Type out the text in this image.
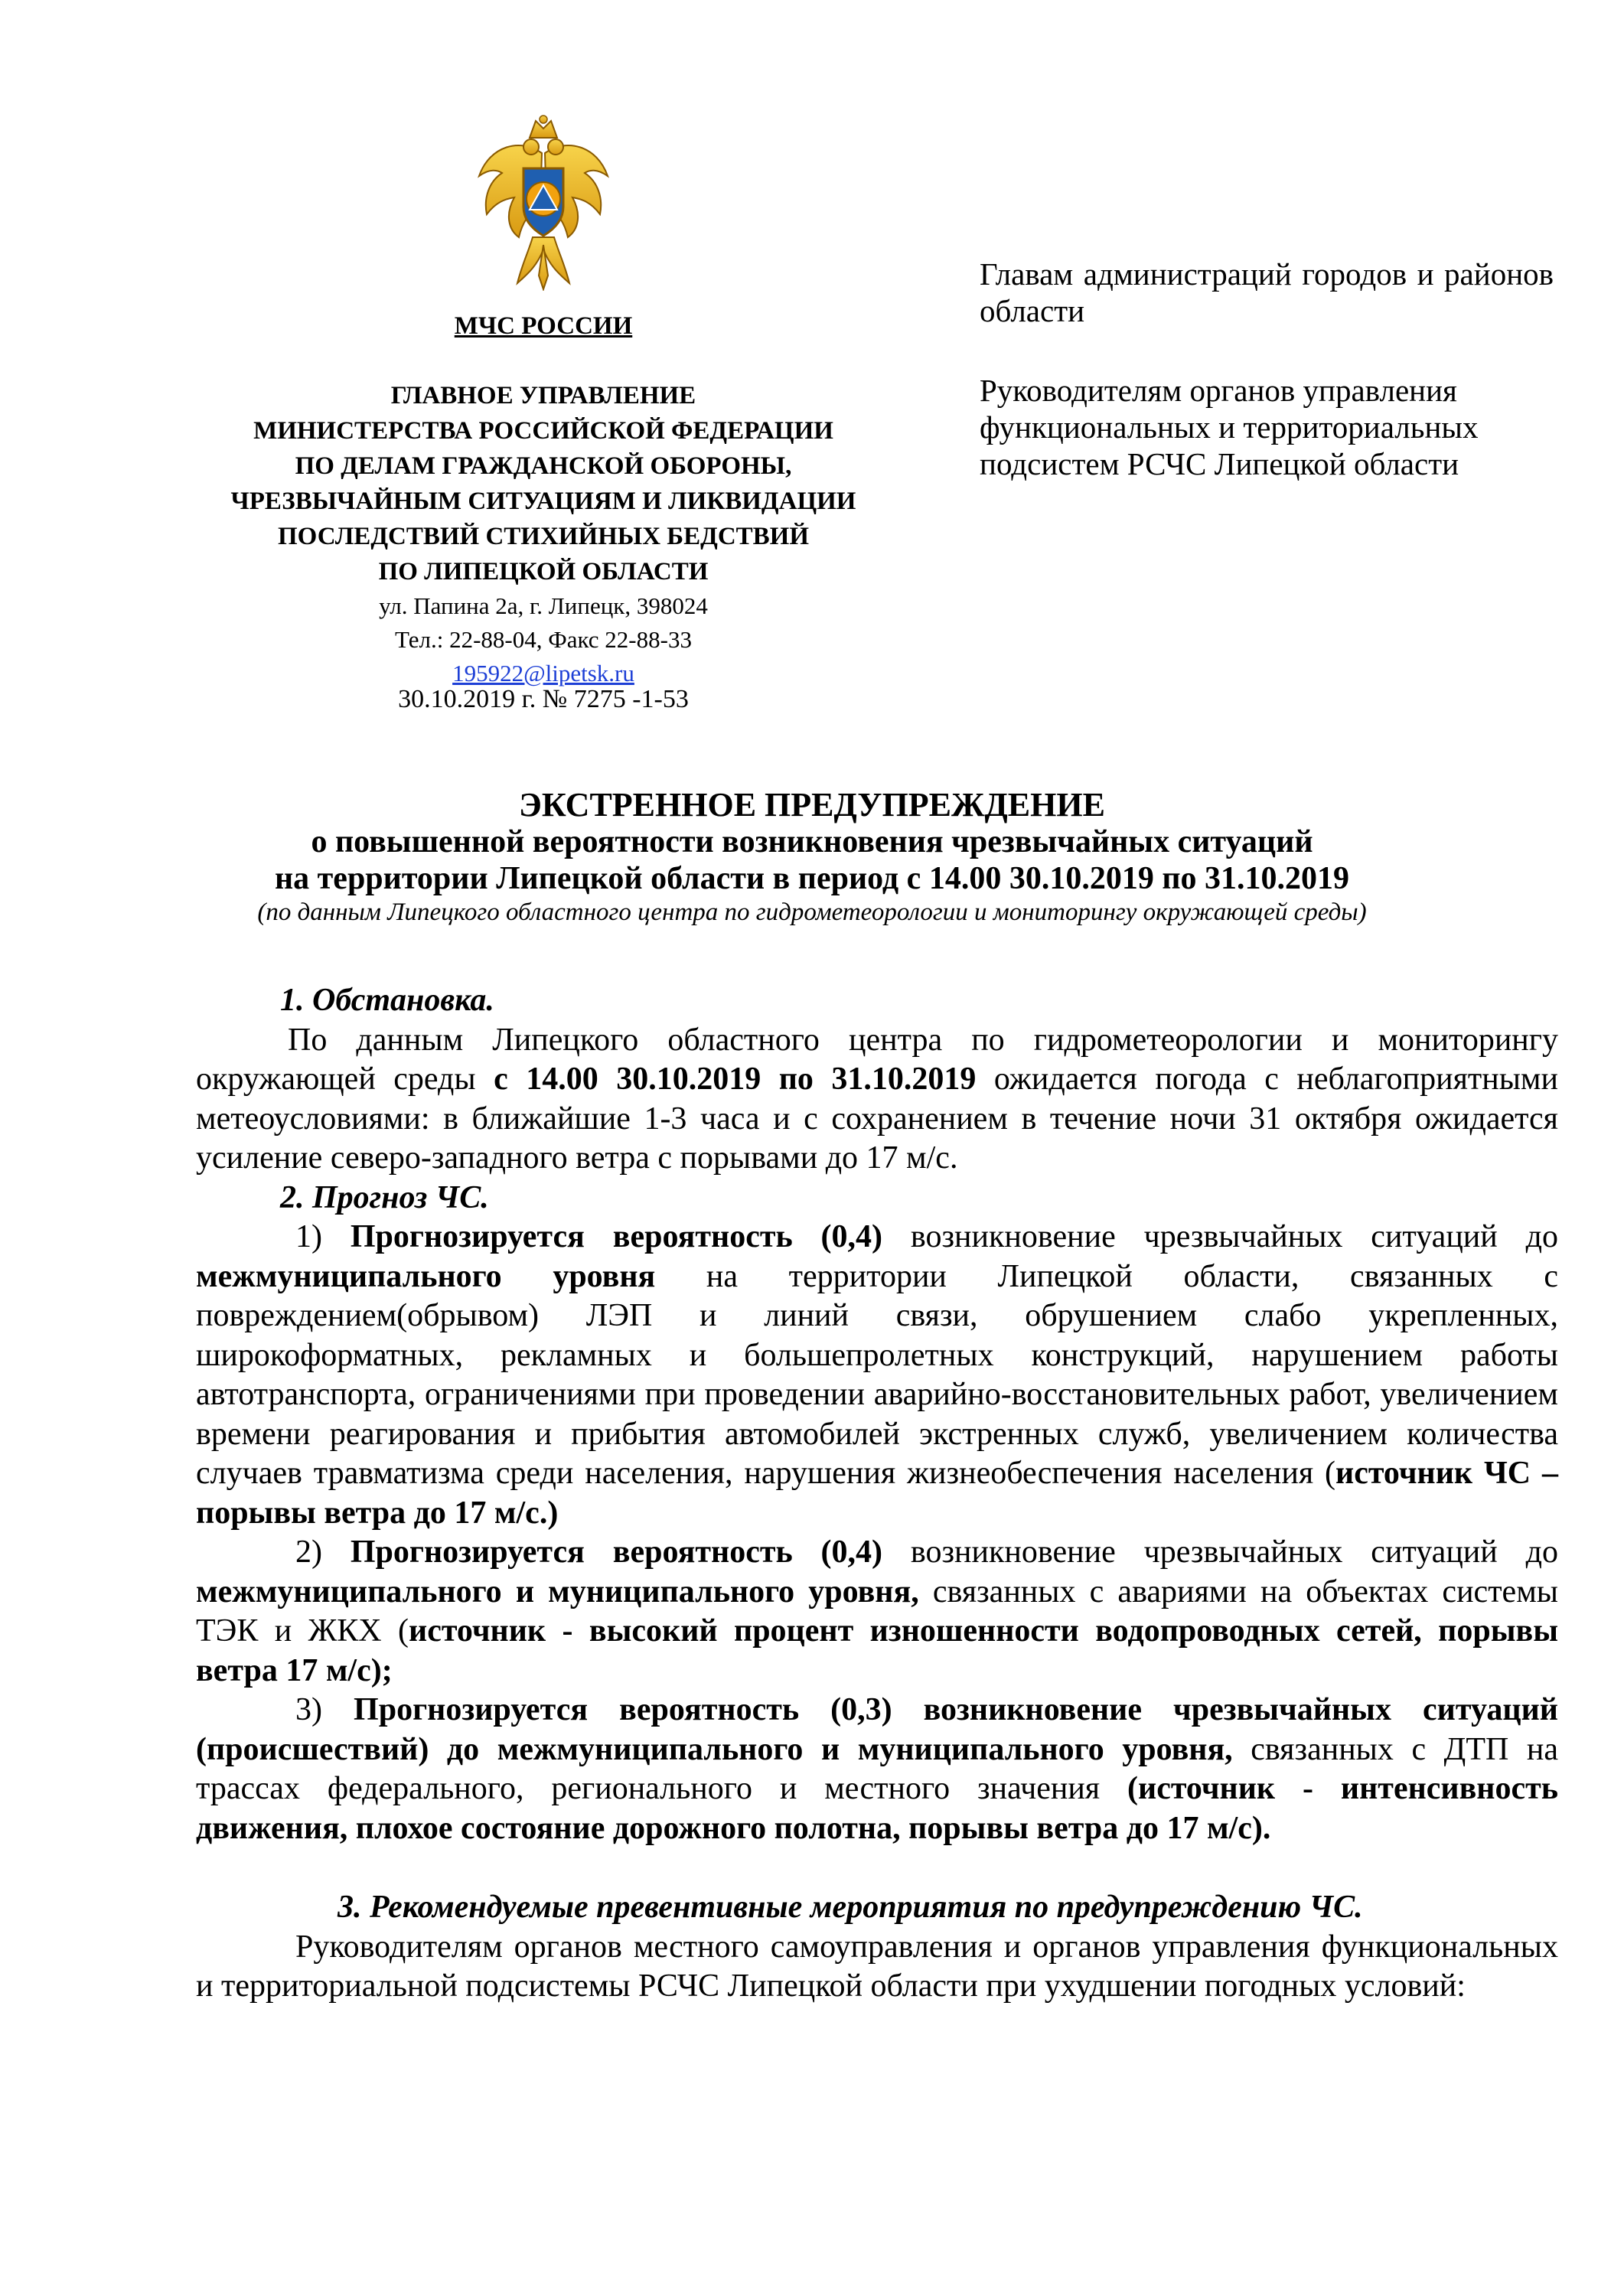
МЧС РОССИИ
ГЛАВНОЕ УПРАВЛЕНИЕ
МИНИСТЕРСТВА РОССИЙСКОЙ ФЕДЕРАЦИИ
ПО ДЕЛАМ ГРАЖДАНСКОЙ ОБОРОНЫ,
ЧРЕЗВЫЧАЙНЫМ СИТУАЦИЯМ И ЛИКВИДАЦИИ
ПОСЛЕДСТВИЙ СТИХИЙНЫХ БЕДСТВИЙ
ПО ЛИПЕЦКОЙ ОБЛАСТИ
ул. Папина 2а, г. Липецк, 398024
Тел.: 22-88-04, Факс 22-88-33
195922@lipetsk.ru
30.10.2019 г. № 7275 -1-53
Главам администраций городов и районов области
Руководителям органов управления функциональных и территориальных подсистем РСЧС Липецкой области
ЭКСТРЕННОЕ ПРЕДУПРЕЖДЕНИЕ
о повышенной вероятности возникновения чрезвычайных ситуаций
на территории Липецкой области в период с 14.00 30.10.2019 по 31.10.2019
(по данным Липецкого областного центра по гидрометеорологии и мониторингу окружающей среды)

1. Обстановка.

По данным Липецкого областного центра по гидрометеорологии и мониторингу окружающей среды с 14.00 30.10.2019 по 31.10.2019 ожидается погода с неблагоприятными метеоусловиями: в ближайшие 1-3 часа и с сохранением в течение ночи 31 октября ожидается усиление северо-западного ветра с порывами до 17 м/с.

2. Прогноз ЧС.

1) Прогнозируется вероятность (0,4) возникновение чрезвычайных ситуаций до межмуниципального уровня на территории Липецкой области, связанных с повреждением(обрывом) ЛЭП и линий связи, обрушением слабо укрепленных, широкоформатных, рекламных и большепролетных конструкций, нарушением работы автотранспорта, ограничениями при проведении аварийно-восстановительных работ, увеличением времени реагирования и прибытия автомобилей экстренных служб, увеличением количества случаев травматизма среди населения, нарушения жизнеобеспечения населения (источник ЧС – порывы ветра до 17 м/с.)

2) Прогнозируется вероятность (0,4) возникновение чрезвычайных ситуаций до межмуниципального и муниципального уровня, связанных с авариями на объектах системы ТЭК и ЖКХ (источник - высокий процент изношенности водопроводных сетей, порывы ветра 17 м/с);

3) Прогнозируется вероятность (0,3) возникновение чрезвычайных ситуаций (происшествий) до межмуниципального и муниципального уровня, связанных с ДТП на трассах федерального, регионального и местного значения (источник - интенсивность движения, плохое состояние дорожного полотна, порывы ветра до 17 м/с).

3. Рекомендуемые превентивные мероприятия по предупреждению ЧС.

Руководителям органов местного самоуправления и органов управления функциональных и территориальной подсистемы РСЧС Липецкой области при ухудшении погодных условий:
